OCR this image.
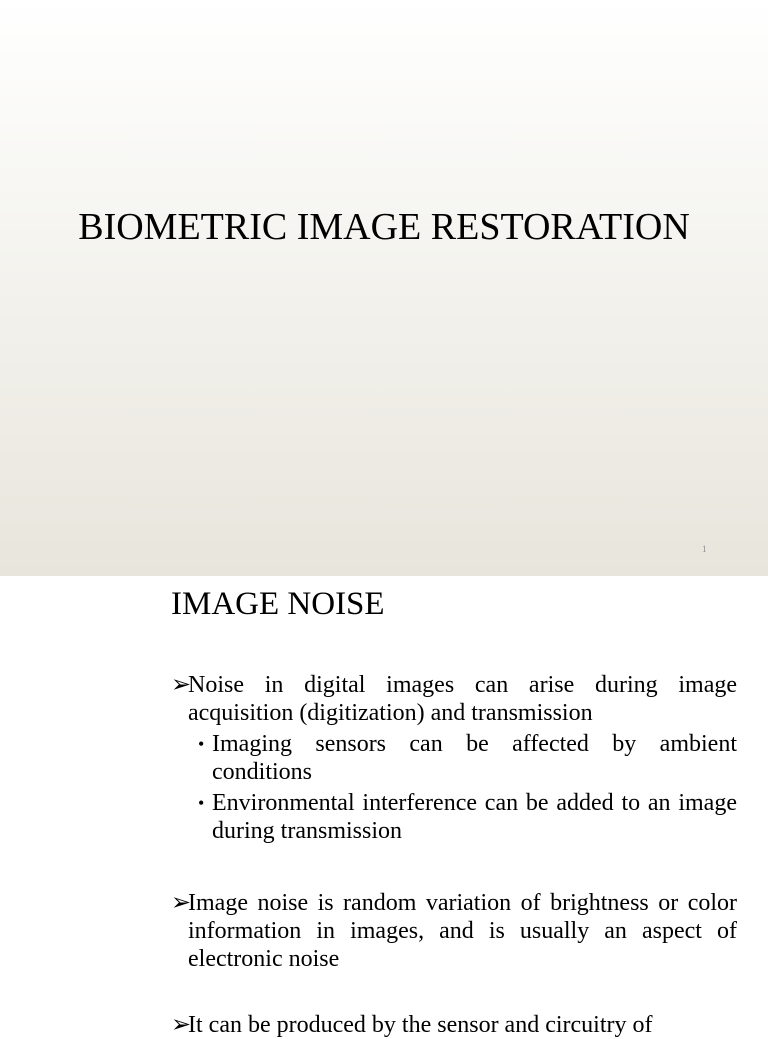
BIOMETRIC IMAGE RESTORATION
1
IMAGE NOISE
➢
Noise in digital images can arise during image acquisition (digitization) and transmission
• Imaging sensors can be affected by ambient conditions
• Environmental interference can be added to an image during transmission
➢
Image noise is random variation of brightness or color information in images, and is usually an aspect of electronic noise
➢
It can be produced by the sensor and circuitry of
